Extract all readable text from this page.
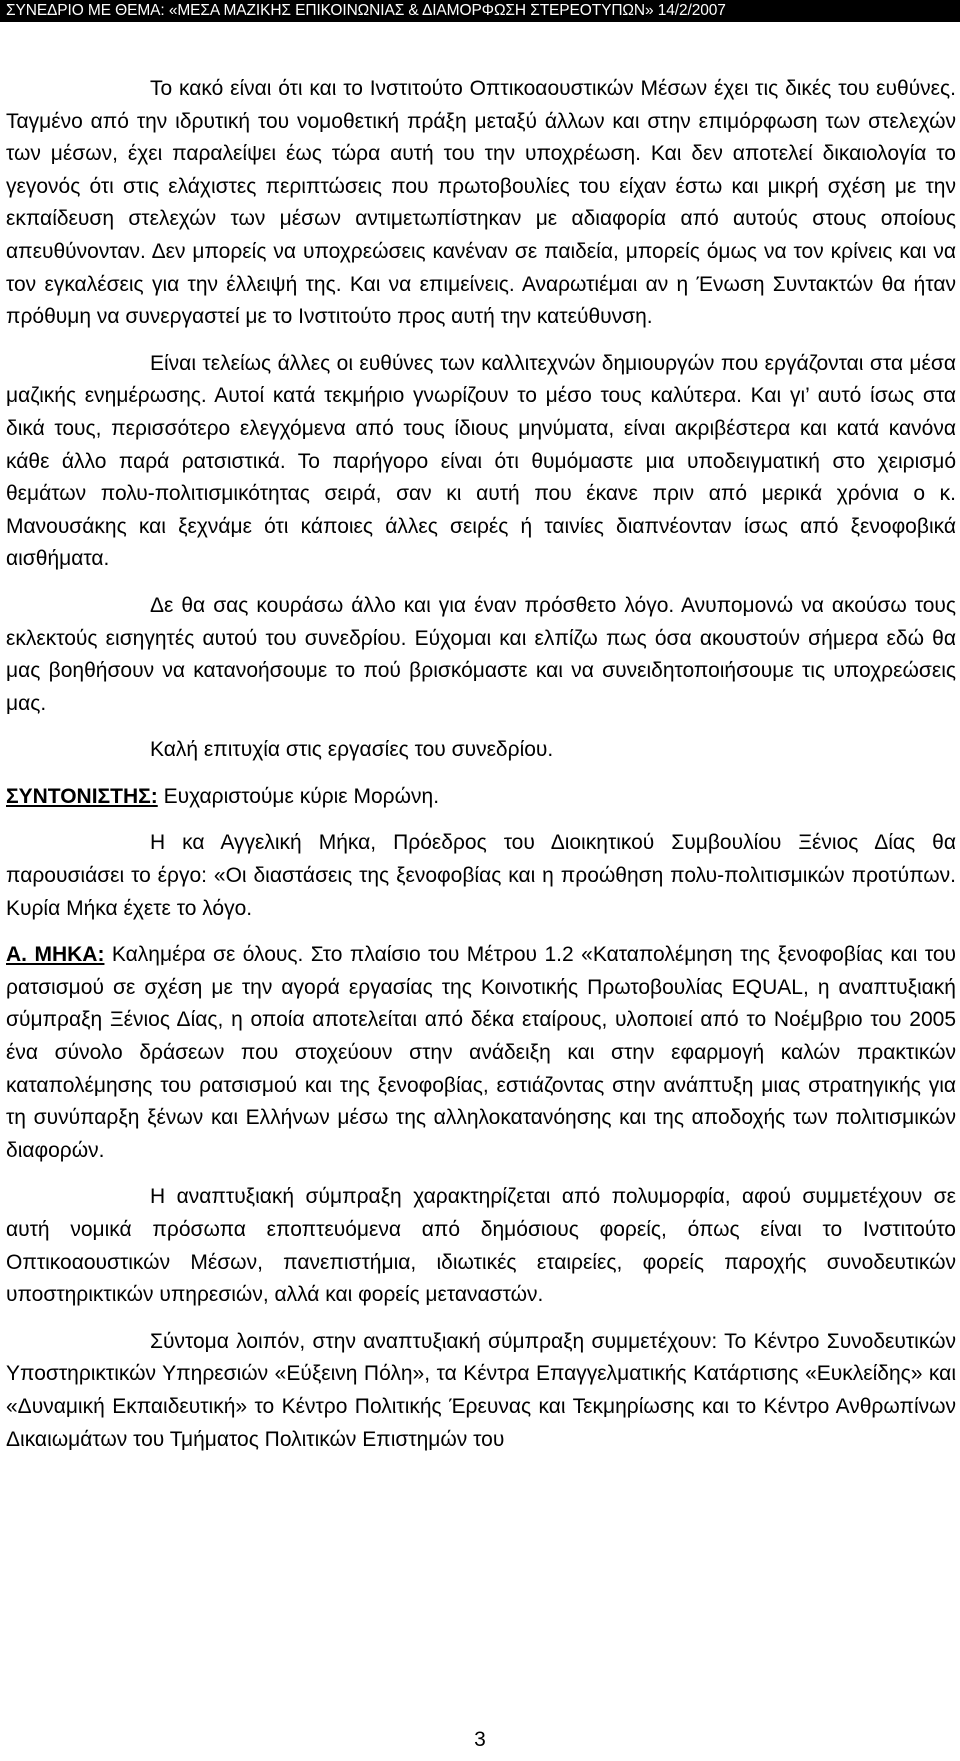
ΣΥΝΕΔΡΙΟ ΜΕ ΘΕΜΑ: «ΜΕΣΑ ΜΑΖΙΚΗΣ ΕΠΙΚΟΙΝΩΝΙΑΣ & ΔΙΑΜΟΡΦΩΣΗ ΣΤΕΡΕΟΤΥΠΩΝ» 14/2/2007

Το κακό είναι ότι και το Ινστιτούτο Οπτικοαουστικών Μέσων έχει τις δικές του ευθύνες. Ταγμένο από την ιδρυτική του νομοθετική πράξη μεταξύ άλλων και στην επιμόρφωση των στελεχών των μέσων, έχει παραλείψει έως τώρα αυτή του την υποχρέωση. Και δεν αποτελεί δικαιολογία το γεγονός ότι στις ελάχιστες περιπτώσεις που πρωτοβουλίες του είχαν έστω και μικρή σχέση με την εκπαίδευση στελεχών των μέσων αντιμετωπίστηκαν με αδιαφορία από αυτούς στους οποίους απευθύνονταν. Δεν μπορείς να υποχρεώσεις κανέναν σε παιδεία, μπορείς όμως να τον κρίνεις και να τον εγκαλέσεις για την έλλειψή της. Και να επιμείνεις. Αναρωτιέμαι αν η Ένωση Συντακτών θα ήταν πρόθυμη να συνεργαστεί με το Ινστιτούτο προς αυτή την κατεύθυνση.

Είναι τελείως άλλες οι ευθύνες των καλλιτεχνών δημιουργών που εργάζονται στα μέσα μαζικής ενημέρωσης. Αυτοί κατά τεκμήριο γνωρίζουν το μέσο τους καλύτερα. Και γι’ αυτό ίσως στα δικά τους, περισσότερο ελεγχόμενα από τους ίδιους μηνύματα, είναι ακριβέστερα και κατά κανόνα κάθε άλλο παρά ρατσιστικά. Το παρήγορο είναι ότι θυμόμαστε μια υποδειγματική στο χειρισμό θεμάτων πολυ-πολιτισμικότητας σειρά, σαν κι αυτή που έκανε πριν από μερικά χρόνια ο κ. Μανουσάκης και ξεχνάμε ότι κάποιες άλλες σειρές ή ταινίες διαπνέονταν ίσως από ξενοφοβικά αισθήματα.

Δε θα σας κουράσω άλλο και για έναν πρόσθετο λόγο. Ανυπομονώ να ακούσω τους εκλεκτούς εισηγητές αυτού του συνεδρίου. Εύχομαι και ελπίζω πως όσα ακουστούν σήμερα εδώ θα μας βοηθήσουν να κατανοήσουμε το πού βρισκόμαστε και να συνειδητοποιήσουμε τις υποχρεώσεις μας.

Καλή επιτυχία στις εργασίες του συνεδρίου.

ΣΥΝΤΟΝΙΣΤΗΣ: Ευχαριστούμε κύριε Μορώνη.

Η κα Αγγελική Μήκα, Πρόεδρος του Διοικητικού Συμβουλίου Ξένιος Δίας θα παρουσιάσει το έργο: «Οι διαστάσεις της ξενοφοβίας και η προώθηση πολυ-πολιτισμικών προτύπων. Κυρία Μήκα έχετε το λόγο.

Α. ΜΗΚΑ: Καλημέρα σε όλους. Στο πλαίσιο του Μέτρου 1.2 «Καταπολέμηση της ξενοφοβίας και του ρατσισμού σε σχέση με την αγορά εργασίας της Κοινοτικής Πρωτοβουλίας EQUAL, η αναπτυξιακή σύμπραξη Ξένιος Δίας, η οποία αποτελείται από δέκα εταίρους, υλοποιεί από το Νοέμβριο του 2005 ένα σύνολο δράσεων που στοχεύουν στην ανάδειξη και στην εφαρμογή καλών πρακτικών καταπολέμησης του ρατσισμού και της ξενοφοβίας, εστιάζοντας στην ανάπτυξη μιας στρατηγικής για τη συνύπαρξη ξένων και Ελλήνων μέσω της αλληλοκατανόησης και της αποδοχής των πολιτισμικών διαφορών.

Η αναπτυξιακή σύμπραξη χαρακτηρίζεται από πολυμορφία, αφού συμμετέχουν σε αυτή νομικά πρόσωπα εποπτευόμενα από δημόσιους φορείς, όπως είναι το Ινστιτούτο Οπτικοαουστικών Μέσων, πανεπιστήμια, ιδιωτικές εταιρείες, φορείς παροχής συνοδευτικών υποστηρικτικών υπηρεσιών, αλλά και φορείς μεταναστών.

Σύντομα λοιπόν, στην αναπτυξιακή σύμπραξη συμμετέχουν: Το Κέντρο Συνοδευτικών Υποστηρικτικών Υπηρεσιών «Εύξεινη Πόλη», τα Κέντρα Επαγγελματικής Κατάρτισης «Ευκλείδης» και «Δυναμική Εκπαιδευτική» το Κέντρο Πολιτικής Έρευνας και Τεκμηρίωσης και το Κέντρο Ανθρωπίνων Δικαιωμάτων του Τμήματος Πολιτικών Επιστημών του

3
